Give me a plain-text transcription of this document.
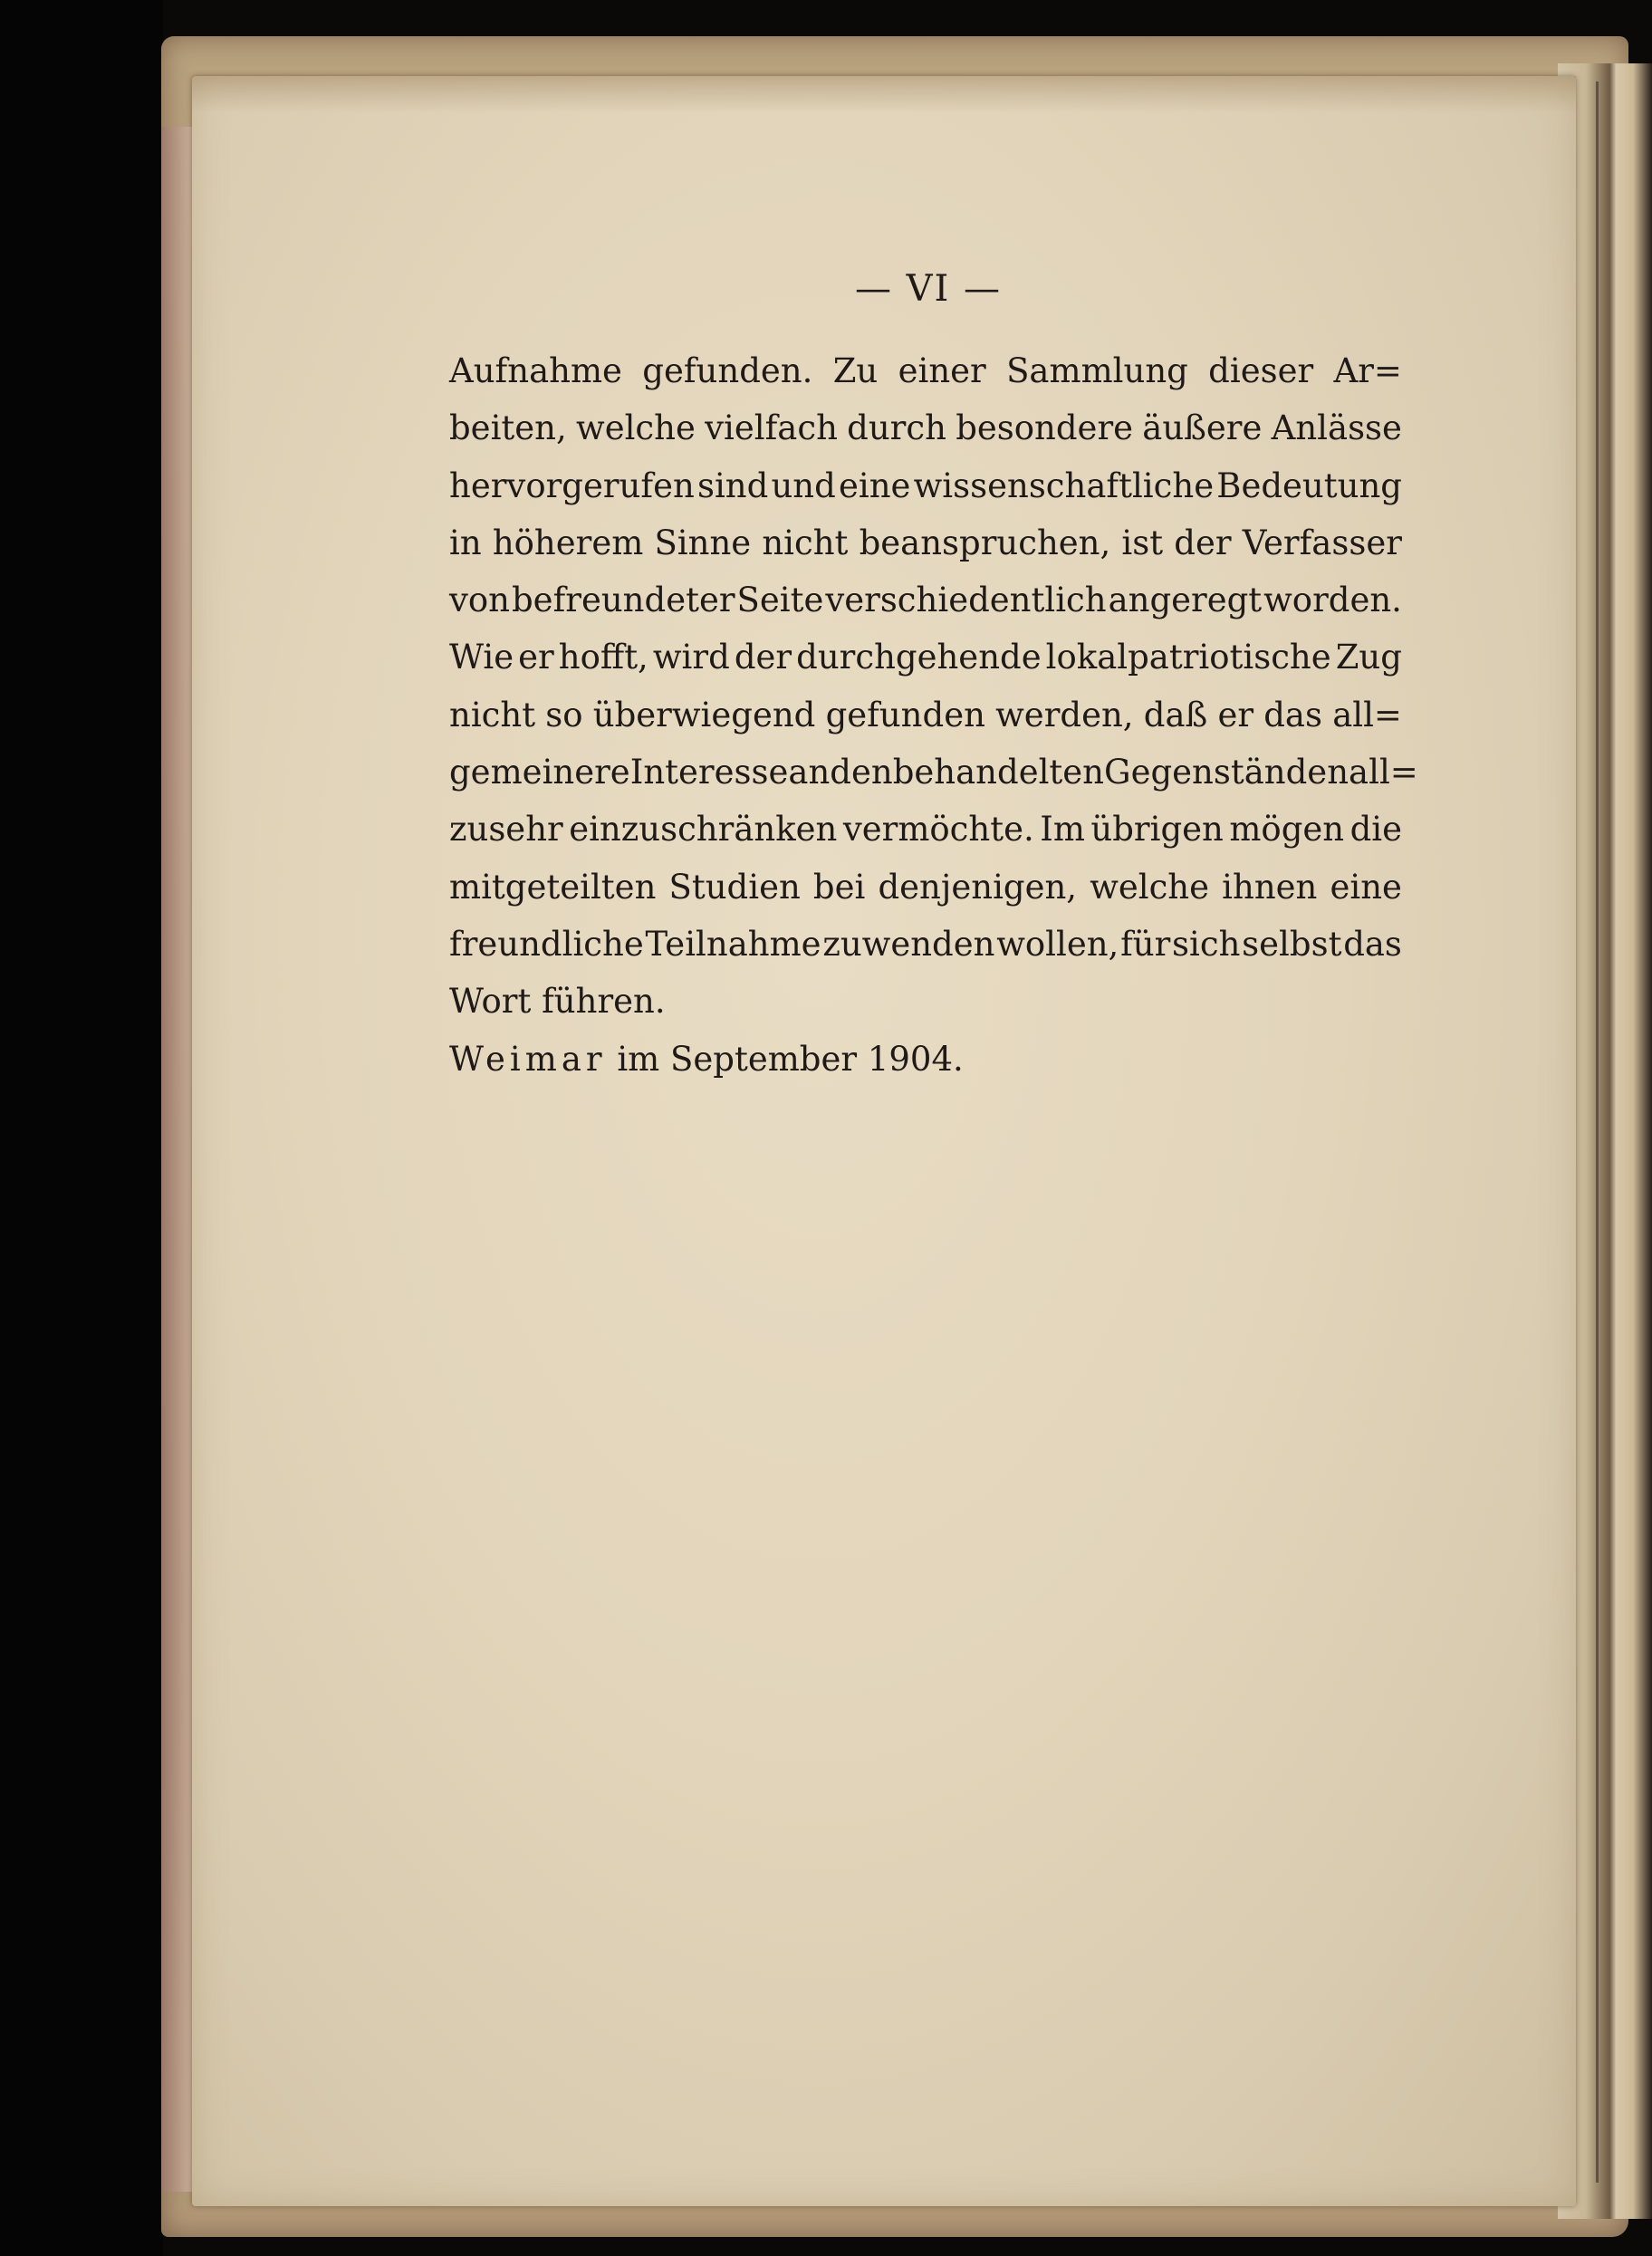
— VI —
Aufnahme gefunden. Zu einer Sammlung dieser Ar=
beiten, welche vielfach durch besondere äußere Anlässe
hervorgerufen sind und eine wissenschaftliche Bedeutung
in höherem Sinne nicht beanspruchen, ist der Verfasser
von befreundeter Seite verschiedentlich angeregt worden.
Wie er hofft, wird der durchgehende lokalpatriotische Zug
nicht so überwiegend gefunden werden, daß er das all=
gemeinere Interesse an den behandelten Gegenständen all=
zusehr einzuschränken vermöchte. Im übrigen mögen die
mitgeteilten Studien bei denjenigen, welche ihnen eine
freundliche Teilnahme zuwenden wollen, für sich selbst das
Wort führen.
Weimar im September 1904.
